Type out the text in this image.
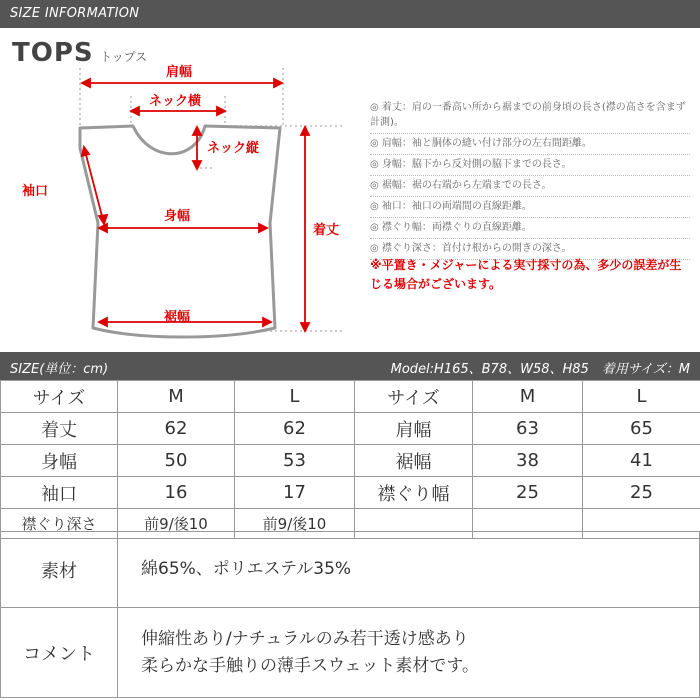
SIZE INFORMATION
TOPS トップス
肩幅
ネック横
ネック縦
袖口
身幅
着丈
裾幅
◎ 着丈：肩の一番高い所から裾までの前身頃の長さ(襟の高さを含まず計測)。
◎ 肩幅：袖と胴体の縫い付け部分の左右間距離。
◎ 身幅：脇下から反対側の脇下までの長さ。
◎ 裾幅：裾の右端から左端までの長さ。
◎ 袖口：袖口の両端間の直線距離。
◎ 襟ぐり幅：両襟ぐりの直線距離。
◎ 襟ぐり深さ：首付け根からの開きの深さ。
※平置き・メジャーによる実寸採寸の為、多少の誤差が生じる場合がございます。
SIZE(単位：cm)	Model:H165、B78、W58、H85　着用サイズ：M
サイズ	M	L	サイズ	M	L
着丈	62	62	肩幅	63	65
身幅	50	53	裾幅	38	41
袖口	16	17	襟ぐり幅	25	25
襟ぐり深さ	前9/後10	前9/後10			
素材	綿65%、ポリエステル35%
コメント	伸縮性あり/ナチュラルのみ若干透け感あり
柔らかな手触りの薄手スウェット素材です。
